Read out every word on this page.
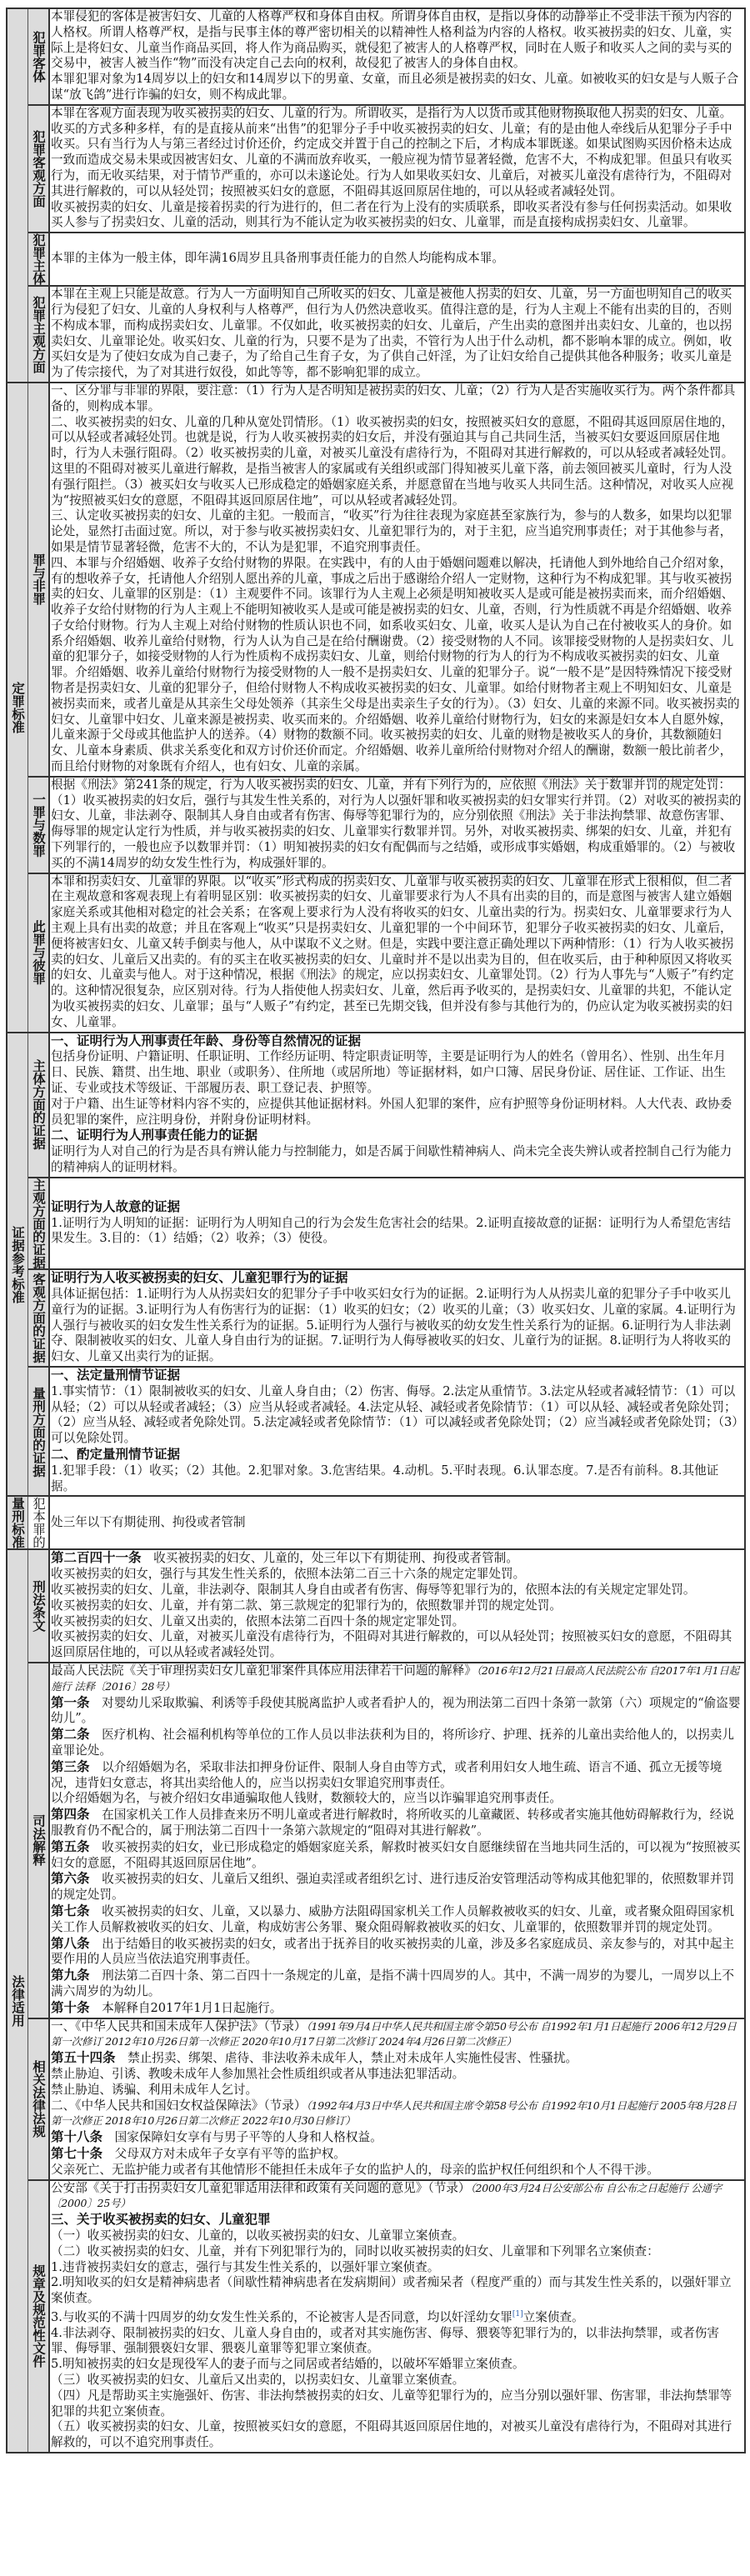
犯罪客体

本罪侵犯的客体是被害妇女、儿童的人格尊严权和身体自由权。所谓身体自由权，是指以身体的动静举止不受非法干预为内容的人格权。所谓人格尊严权，是指与民事主体的尊严密切相关的以精神性人格利益为内容的人格权。收买被拐卖的妇女、儿童，实际上是将妇女、儿童当作商品买回，将人作为商品购买，就侵犯了被害人的人格尊严权，同时在人贩子和收买人之间的卖与买的交易中，被害人被当作“物”而没有决定自己去向的权利，故侵犯了被害人的身体自由权。

本罪犯罪对象为14周岁以上的妇女和14周岁以下的男童、女童，而且必须是被拐卖的妇女、儿童。如被收买的妇女是与人贩子合谋“放飞鸽”进行诈骗的妇女，则不构成此罪。

犯罪客观方面

本罪在客观方面表现为收买被拐卖的妇女、儿童的行为。所谓收买，是指行为人以货币或其他财物换取他人拐卖的妇女、儿童。收买的方式多种多样，有的是直接从前来“出售”的犯罪分子手中收买被拐卖的妇女、儿童；有的是由他人牵线后从犯罪分子手中收买。只有当行为人与第三者经过讨价还价，约定成交并置于自己的控制之下后，才构成本罪既遂。如果试图购买因价格未达成一致而造成交易未果或因被害妇女、儿童的不满而放弃收买，一般应视为情节显著轻微，危害不大，不构成犯罪。但虽只有收买行为，而无收买结果，对于情节严重的，亦可以未遂论处。行为人如果收买妇女、儿童后，对被买儿童没有虐待行为，不阻碍对其进行解救的，可以从轻处罚；按照被买妇女的意愿，不阻碍其返回原居住地的，可以从轻或者减轻处罚。

收买被拐卖的妇女、儿童是接着拐卖的行为进行的，但二者在行为上没有的实质联系，即收买者没有参与任何拐卖活动。如果收买人参与了拐卖妇女、儿童的活动，则其行为不能认定为收买被拐卖的妇女、儿童罪，而是直接构成拐卖妇女、儿童罪。

犯罪主体 本罪的主体为一般主体，即年满16周岁且具备刑事责任能力的自然人均能构成本罪。

犯罪主观方面

本罪在主观上只能是故意。行为人一方面明知自己所收买的妇女、儿童是被他人拐卖的妇女、儿童，另一方面也明知自己的收买行为侵犯了妇女、儿童的人身权利与人格尊严，但行为人仍然决意收买。值得注意的是，行为人主观上不能有出卖的目的，否则不构成本罪，而构成拐卖妇女、儿童罪。不仅如此，收买被拐卖的妇女、儿童后，产生出卖的意图并出卖妇女、儿童的，也以拐卖妇女、儿童罪论处。收买妇女、儿童的行为，只要不是为了出卖，不管行为人出于什么动机，都不影响本罪的成立。例如，收买妇女是为了使妇女成为自己妻子，为了给自己生育子女，为了供自己奸淫，为了让妇女给自己提供其他各种服务；收买儿童是为了传宗接代，为了对其进行奴役，如此等等，都不影响犯罪的成立。

定罪标准
罪与非罪

一、区分罪与非罪的界限，要注意：（1）行为人是否明知是被拐卖的妇女、儿童；（2）行为人是否实施收买行为。两个条件都具备的，则构成本罪。

二、收买被拐卖的妇女、儿童的几种从宽处罚情形。（1）收买被拐卖的妇女，按照被买妇女的意愿，不阻碍其返回原居住地的，可以从轻或者减轻处罚。也就是说，行为人收买被拐卖的妇女后，并没有强迫其与自己共同生活，当被买妇女要返回原居住地时，行为人未强行阻碍。（2）收买被拐卖的儿童，对被买儿童没有虐待行为，不阻碍对其进行解救的，可以从轻或者减轻处罚。这里的不阻碍对被买儿童进行解救，是指当被害人的家属或有关组织或部门得知被买儿童下落，前去领回被买儿童时，行为人没有强行阻拦。（3）被买妇女与收买人已形成稳定的婚姻家庭关系，并愿意留在当地与收买人共同生活。这种情况，对收买人应视为“按照被买妇女的意愿，不阻碍其返回原居住地”，可以从轻或者减轻处罚。

三、认定收买被拐卖的妇女、儿童的主犯。一般而言，“收买”行为往往表现为家庭甚至家族行为，参与的人数多，如果均以犯罪论处，显然打击面过宽。所以，对于参与收买被拐卖妇女、儿童犯罪行为的，对于主犯，应当追究刑事责任；对于其他参与者，如果是情节显著轻微，危害不大的，不认为是犯罪，不追究刑事责任。

四、本罪与介绍婚姻、收养子女给付财物的界限。在实践中，有的人由于婚姻问题难以解决，托请他人到外地给自己介绍对象，有的想收养子女，托请他人介绍别人愿出养的儿童，事成之后出于感谢给介绍人一定财物，这种行为不构成犯罪。其与收买被拐卖的妇女、儿童罪的区别是：（1）主观要件不同。该罪行为人主观上必须是明知被收买人是或可能是被拐卖而来，而介绍婚姻、收养子女给付财物的行为人主观上不能明知被收买人是或可能是被拐卖的妇女、儿童，否则，行为性质就不再是介绍婚姻、收养子女给付财物。行为人主观上对给付财物的性质认识也不同，如系收买妇女、儿童，收买人是认为自己在付被收买人的身价。如系介绍婚姻、收养儿童给付财物，行为人认为自己是在给付酬谢费。（2）接受财物的人不同。该罪接受财物的人是拐卖妇女、儿童的犯罪分子，如接受财物的人行为性质构不成拐卖妇女、儿童，则给付财物的行为人的行为不构成收买被拐卖的妇女、儿童罪。介绍婚姻、收养儿童给付财物行为接受财物的人一般不是拐卖妇女、儿童的犯罪分子。说“一般不是”是因特殊情况下接受财物者是拐卖妇女、儿童的犯罪分子，但给付财物人不构成收买被拐卖的妇女、儿童罪。如给付财物者主观上不明知妇女、儿童是被拐卖而来，或者儿童是从其亲生父母处领养（其亲生父母是出卖亲生子女的行为）。（3）妇女、儿童的来源不同。收买被拐卖的妇女、儿童罪中妇女、儿童来源是被拐卖、收买而来的。介绍婚姻、收养儿童给付财物行为，妇女的来源是妇女本人自愿外嫁，儿童来源于父母或其他监护人的送养。（4）财物的数额不同。收买被拐卖的妇女、儿童的财物是被收买人的身价，其数额随妇女、儿童本身素质、供求关系变化和双方讨价还价而定。介绍婚姻、收养儿童所给付财物对介绍人的酬谢，数额一般比前者少，而且给付财物的对象既有介绍人，也有妇女、儿童的亲属。

一罪与数罪

根据《刑法》第241条的规定，行为人收买被拐卖的妇女、儿童，并有下列行为的，应依照《刑法》关于数罪并罚的规定处罚：（1）收买被拐卖的妇女后，强行与其发生性关系的，对行为人以强奸罪和收买被拐卖的妇女罪实行并罚。（2）对收买的被拐卖的妇女、儿童，非法剥夺、限制其人身自由或者有伤害、侮辱等犯罪行为的，应分别依照《刑法》关于非法拘禁罪、故意伤害罪、侮辱罪的规定认定行为性质，并与收买被拐卖的妇女、儿童罪实行数罪并罚。另外，对收买被拐卖、绑架的妇女、儿童，并犯有下列罪行的，一般也应予以数罪并罚：（1）明知被拐卖的妇女有配偶而与之结婚，或形成事实婚姻，构成重婚罪的。（2）与被收买的不满14周岁的幼女发生性行为，构成强奸罪的。

此罪与彼罪

本罪和拐卖妇女、儿童罪的界限。以“收买”形式构成的拐卖妇女、儿童罪与收买被拐卖的妇女、儿童罪在形式上很相似，但二者在主观故意和客观表现上有着明显区别：收买被拐卖的妇女、儿童罪要求行为人不具有出卖的目的，而是意图与被害人建立婚姻家庭关系或其他相对稳定的社会关系；在客观上要求行为人没有将收买的妇女、儿童出卖的行为。拐卖妇女、儿童罪要求行为人主观上具有出卖的故意；并且在客观上“收买”只是拐卖妇女、儿童犯罪的一个中间环节，犯罪分子收买被拐卖的妇女、儿童后，便将被害妇女、儿童又转手倒卖与他人，从中谋取不义之财。但是，实践中要注意正确处理以下两种情形：（1）行为人收买被拐卖的妇女、儿童后又出卖的。有的买主在收买被拐卖的妇女、儿童时并不是以出卖为目的，但在收买后，由于种种原因又将收买的妇女、儿童卖与他人。对于这种情况，根据《刑法》的规定，应以拐卖妇女、儿童罪处罚。（2）行为人事先与“人贩子”有约定的。这种情况很复杂，应区别对待。行为人指使他人拐卖妇女、儿童，然后再予收买的，是拐卖妇女、儿童罪的共犯，不能认定为收买被拐卖的妇女、儿童罪；虽与“人贩子”有约定，甚至已先期交钱，但并没有参与其他行为的，仍应认定为收买被拐卖的妇女、儿童罪。

证据参考标准
主体方面的证据

一、证明行为人刑事责任年龄、身份等自然情况的证据

包括身份证明、户籍证明、任职证明、工作经历证明、特定职责证明等，主要是证明行为人的姓名（曾用名）、性别、出生年月日、民族、籍贯、出生地、职业（或职务）、住所地（或居所地）等证据材料，如户口簿、居民身份证、居住证、工作证、出生证、专业或技术等级证、干部履历表、职工登记表、护照等。

对于户籍、出生证等材料内容不实的，应提供其他证据材料。外国人犯罪的案件，应有护照等身份证明材料。人大代表、政协委员犯罪的案件，应注明身份，并附身份证明材料。

二、证明行为人刑事责任能力的证据

证明行为人对自己的行为是否具有辨认能力与控制能力，如是否属于间歇性精神病人、尚未完全丧失辨认或者控制自己行为能力的精神病人的证明材料。

主观方面的证据 证明行为人故意的证据

1.证明行为人明知的证据：证明行为人明知自己的行为会发生危害社会的结果。2.证明直接故意的证据：证明行为人希望危害结果发生。3.目的：（1）结婚；（2）收养；（3）使役。

客观方面的证据 证明行为人收买被拐卖的妇女、儿童犯罪行为的证据

具体证据包括：1.证明行为人从拐卖妇女的犯罪分子手中收买妇女行为的证据。2.证明行为人从拐卖儿童的犯罪分子手中收买儿童行为的证据。3.证明行为人有伤害行为的证据：（1）收买的妇女；（2）收买的儿童；（3）收买妇女、儿童的家属。4.证明行为人强行与被收买的妇女发生性关系行为的证据。5.证明行为人强行与被收买的幼女发生性关系行为的证据。6.证明行为人非法剥夺、限制被收买的妇女、儿童人身自由行为的证据。7.证明行为人侮辱被收买的妇女、儿童行为的证据。8.证明行为人将收买的妇女、儿童又出卖行为的证据。

量刑方面的证据

一、法定量刑情节证据

1.事实情节：（1）限制被收买的妇女、儿童人身自由；（2）伤害、侮辱。2.法定从重情节。3.法定从轻或者减轻情节：（1）可以从轻；（2）可以从轻或者减轻；（3）应当从轻或者减轻。4.法定从轻、减轻或者免除情节：（1）可以从轻、减轻或者免除处罚；（2）应当从轻、减轻或者免除处罚。5.法定减轻或者免除情节：（1）可以减轻或者免除处罚；（2）应当减轻或者免除处罚；（3）可以免除处罚。

二、酌定量刑情节证据

1.犯罪手段：（1）收买；（2）其他。2.犯罪对象。3.危害结果。4.动机。5.平时表现。6.认罪态度。7.是否有前科。8.其他证据。

量刑标准 犯本罪的 处三年以下有期徒刑、拘役或者管制

法律适用
刑法条文

第二百四十一条　收买被拐卖的妇女、儿童的，处三年以下有期徒刑、拘役或者管制。

收买被拐卖的妇女，强行与其发生性关系的，依照本法第二百三十六条的规定定罪处罚。

收买被拐卖的妇女、儿童，非法剥夺、限制其人身自由或者有伤害、侮辱等犯罪行为的，依照本法的有关规定定罪处罚。

收买被拐卖的妇女、儿童，并有第二款、第三款规定的犯罪行为的，依照数罪并罚的规定处罚。

收买被拐卖的妇女、儿童又出卖的，依照本法第二百四十条的规定定罪处罚。

收买被拐卖的妇女、儿童，对被买儿童没有虐待行为，不阻碍对其进行解救的，可以从轻处罚；按照被买妇女的意愿，不阻碍其返回原居住地的，可以从轻或者减轻处罚。

司法解释

最高人民法院《关于审理拐卖妇女儿童犯罪案件具体应用法律若干问题的解释》（2016年12月21日最高人民法院公布 自2017年1月1日起施行 法释〔2016〕28号）

第一条　对婴幼儿采取欺骗、利诱等手段使其脱离监护人或者看护人的，视为刑法第二百四十条第一款第（六）项规定的“偷盗婴幼儿”。

第二条　医疗机构、社会福利机构等单位的工作人员以非法获利为目的，将所诊疗、护理、抚养的儿童出卖给他人的，以拐卖儿童罪论处。

第三条　以介绍婚姻为名，采取非法扣押身份证件、限制人身自由等方式，或者利用妇女人地生疏、语言不通、孤立无援等境况，违背妇女意志，将其出卖给他人的，应当以拐卖妇女罪追究刑事责任。

以介绍婚姻为名，与被介绍妇女串通骗取他人钱财，数额较大的，应当以诈骗罪追究刑事责任。

第四条　在国家机关工作人员排查来历不明儿童或者进行解救时，将所收买的儿童藏匿、转移或者实施其他妨碍解救行为，经说服教育仍不配合的，属于刑法第二百四十一条第六款规定的“阻碍对其进行解救”。

第五条　收买被拐卖的妇女，业已形成稳定的婚姻家庭关系，解救时被买妇女自愿继续留在当地共同生活的，可以视为“按照被买妇女的意愿，不阻碍其返回原居住地”。

第六条　收买被拐卖的妇女、儿童后又组织、强迫卖淫或者组织乞讨、进行违反治安管理活动等构成其他犯罪的，依照数罪并罚的规定处罚。

第七条　收买被拐卖的妇女、儿童，又以暴力、威胁方法阻碍国家机关工作人员解救被收买的妇女、儿童，或者聚众阻碍国家机关工作人员解救被收买的妇女、儿童，构成妨害公务罪、聚众阻碍解救被收买的妇女、儿童罪的，依照数罪并罚的规定处罚。

第八条　出于结婚目的收买被拐卖的妇女，或者出于抚养目的收买被拐卖的儿童，涉及多名家庭成员、亲友参与的，对其中起主要作用的人员应当依法追究刑事责任。

第九条　刑法第二百四十条、第二百四十一条规定的儿童，是指不满十四周岁的人。其中，不满一周岁的为婴儿，一周岁以上不满六周岁的为幼儿。

第十条　本解释自2017年1月1日起施行。

相关法律法规

一、《中华人民共和国未成年人保护法》（节录）（1991年9月4日中华人民共和国主席令第50号公布 自1992年1月1日起施行 2006年12月29日第一次修订 2012年10月26日第一次修正 2020年10月17日第二次修订 2024年4月26日第二次修正）

第五十四条　禁止拐卖、绑架、虐待、非法收养未成年人，禁止对未成年人实施性侵害、性骚扰。

禁止胁迫、引诱、教唆未成年人参加黑社会性质组织或者从事违法犯罪活动。

禁止胁迫、诱骗、利用未成年人乞讨。

二、《中华人民共和国妇女权益保障法》（节录）（1992年4月3日中华人民共和国主席令第58号公布 自1992年10月1日起施行 2005年8月28日第一次修正 2018年10月26日第二次修正 2022年10月30日修订）

第十八条　国家保障妇女享有与男子平等的人身和人格权益。

第七十条　父母双方对未成年子女享有平等的监护权。

父亲死亡、无监护能力或者有其他情形不能担任未成年子女的监护人的，母亲的监护权任何组织和个人不得干涉。

规章及规范性文件

公安部《关于打击拐卖妇女儿童犯罪适用法律和政策有关问题的意见》（节录）（2000年3月24日公安部公布 自公布之日起施行 公通字〔2000〕25号）

三、关于收买被拐卖的妇女、儿童犯罪

（一）收买被拐卖的妇女、儿童的，以收买被拐卖的妇女、儿童罪立案侦查。

（二）收买被拐卖的妇女、儿童，并有下列犯罪行为的，同时以收买被拐卖的妇女、儿童罪和下列罪名立案侦查：

1.违背被拐卖妇女的意志，强行与其发生性关系的，以强奸罪立案侦查。

2.明知收买的妇女是精神病患者（间歇性精神病患者在发病期间）或者痴呆者（程度严重的）而与其发生性关系的，以强奸罪立案侦查。

3.与收买的不满十四周岁的幼女发生性关系的，不论被害人是否同意，均以奸淫幼女罪 [ $^1$ ] 立案侦查。

4.非法剥夺、限制被拐卖的妇女、儿童人身自由的，或者对其实施伤害、侮辱、猥亵等犯罪行为的，以非法拘禁罪，或者伤害罪、侮辱罪、强制猥亵妇女罪、猥亵儿童罪等犯罪立案侦查。

5.明知被拐卖的妇女是现役军人的妻子而与之同居或者结婚的，以破坏军婚罪立案侦查。

（三）收买被拐卖的妇女、儿童后又出卖的，以拐卖妇女、儿童罪立案侦查。

（四）凡是帮助买主实施强奸、伤害、非法拘禁被拐卖的妇女、儿童等犯罪行为的，应当分别以强奸罪、伤害罪，非法拘禁罪等犯罪的共犯立案侦查。

（五）收买被拐卖的妇女、儿童，按照被买妇女的意愿，不阻碍其返回原居住地的，对被买儿童没有虐待行为，不阻碍对其进行解救的，可以不追究刑事责任。
